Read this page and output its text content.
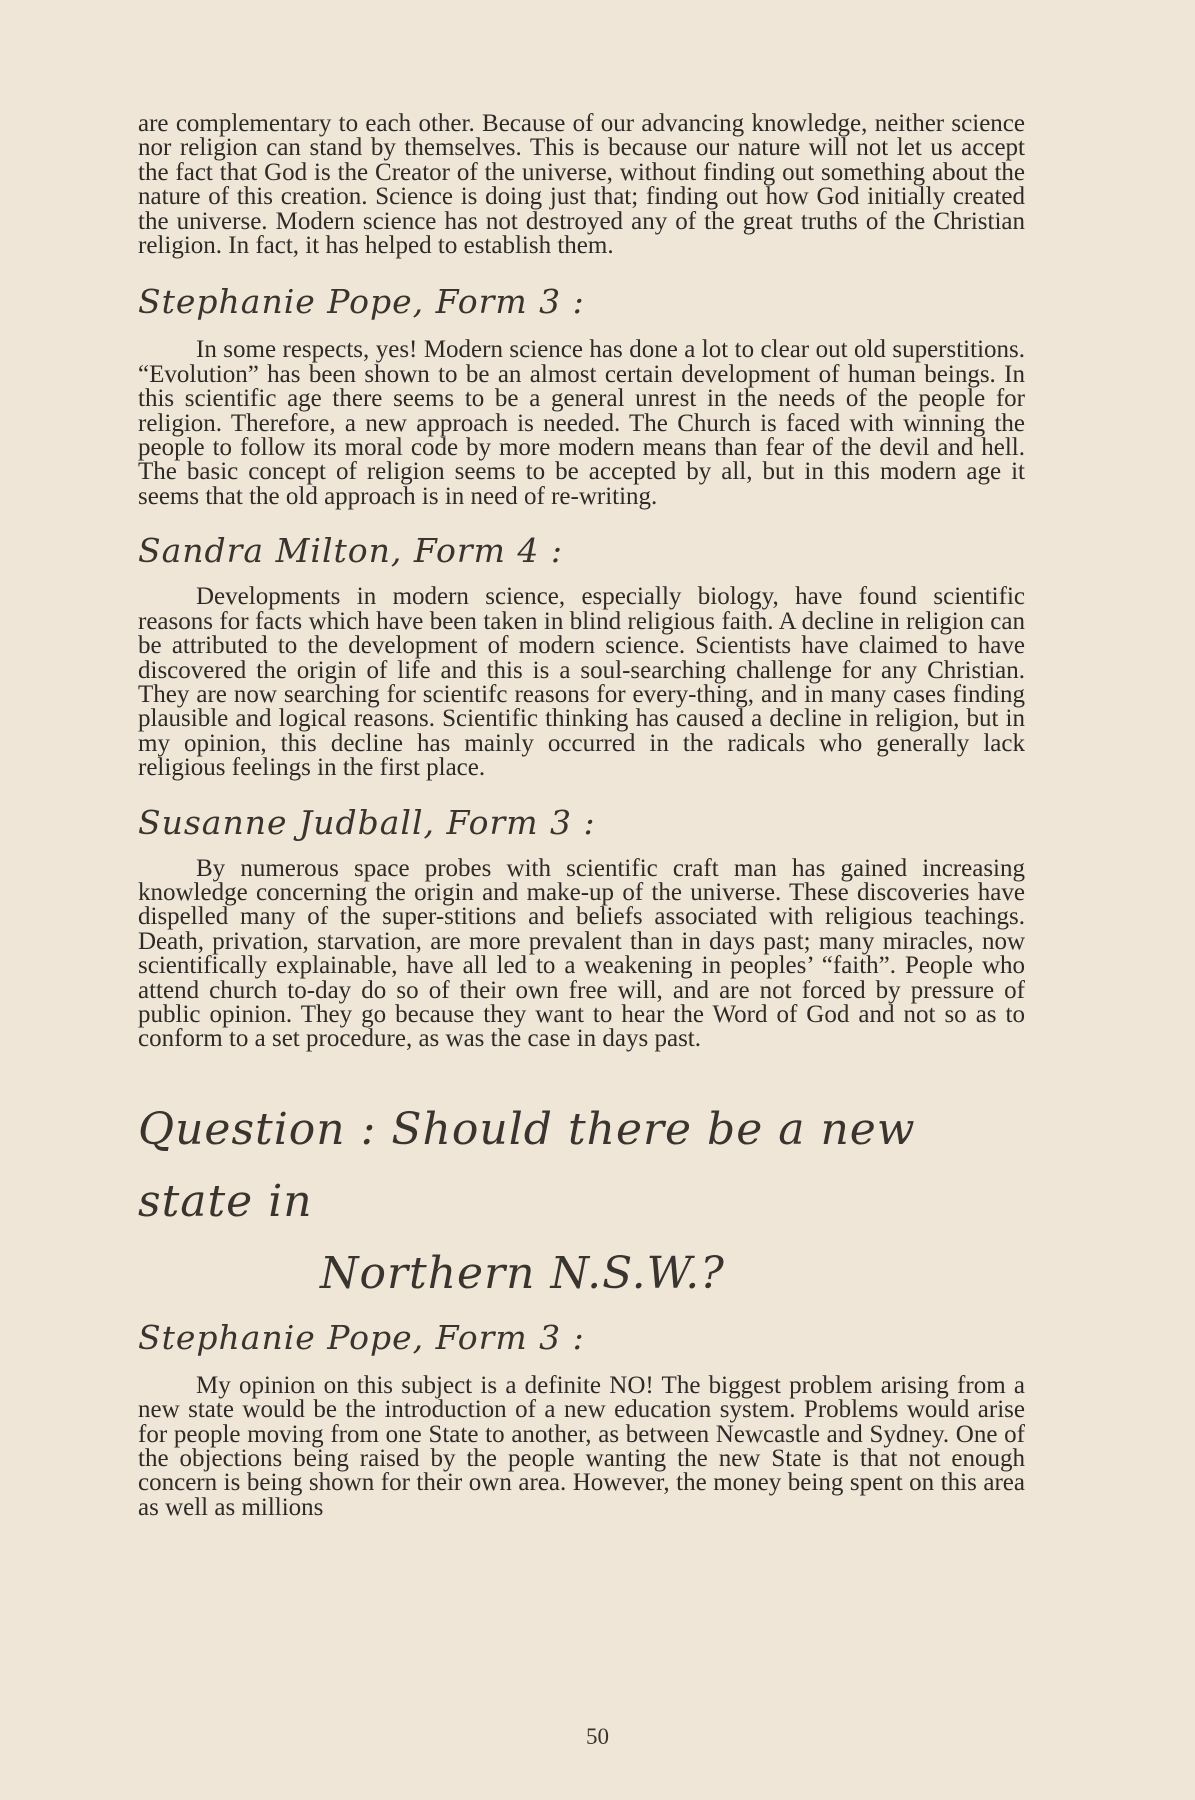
are complementary to each other. Because of our advancing knowledge, neither science nor religion can stand by themselves. This is because our nature will not let us accept the fact that God is the Creator of the universe, without finding out something about the nature of this creation. Science is doing just that; finding out how God initially created the universe. Modern science has not destroyed any of the great truths of the Christian religion. In fact, it has helped to establish them.

Stephanie Pope, Form 3 :

In some respects, yes! Modern science has done a lot to clear out old superstitions. “Evolution” has been shown to be an almost certain development of human beings. In this scientific age there seems to be a general unrest in the needs of the people for religion. Therefore, a new approach is needed. The Church is faced with winning the people to follow its moral code by more modern means than fear of the devil and hell. The basic concept of religion seems to be accepted by all, but in this modern age it seems that the old approach is in need of re-writing.

Sandra Milton, Form 4 :

Developments in modern science, especially biology, have found scientific reasons for facts which have been taken in blind religious faith. A decline in religion can be attributed to the development of modern science. Scientists have claimed to have discovered the origin of life and this is a soul-searching challenge for any Christian. They are now searching for scientifc reasons for every-thing, and in many cases finding plausible and logical reasons. Scientific thinking has caused a decline in religion, but in my opinion, this decline has mainly occurred in the radicals who generally lack religious feelings in the first place.

Susanne Judball, Form 3 :

By numerous space probes with scientific craft man has gained increasing knowledge concerning the origin and make-up of the universe. These discoveries have dispelled many of the super-stitions and beliefs associated with religious teachings. Death, privation, starvation, are more prevalent than in days past; many miracles, now scientifically explainable, have all led to a weakening in peoples’ “faith”. People who attend church to-day do so of their own free will, and are not forced by pressure of public opinion. They go because they want to hear the Word of God and not so as to conform to a set procedure, as was the case in days past.

Question : Should there be a new state in
Northern N.S.W.?

Stephanie Pope, Form 3 :

My opinion on this subject is a definite NO! The biggest problem arising from a new state would be the introduction of a new education system. Problems would arise for people moving from one State to another, as between Newcastle and Sydney. One of the objections being raised by the people wanting the new State is that not enough concern is being shown for their own area. However, the money being spent on this area as well as millions

50
